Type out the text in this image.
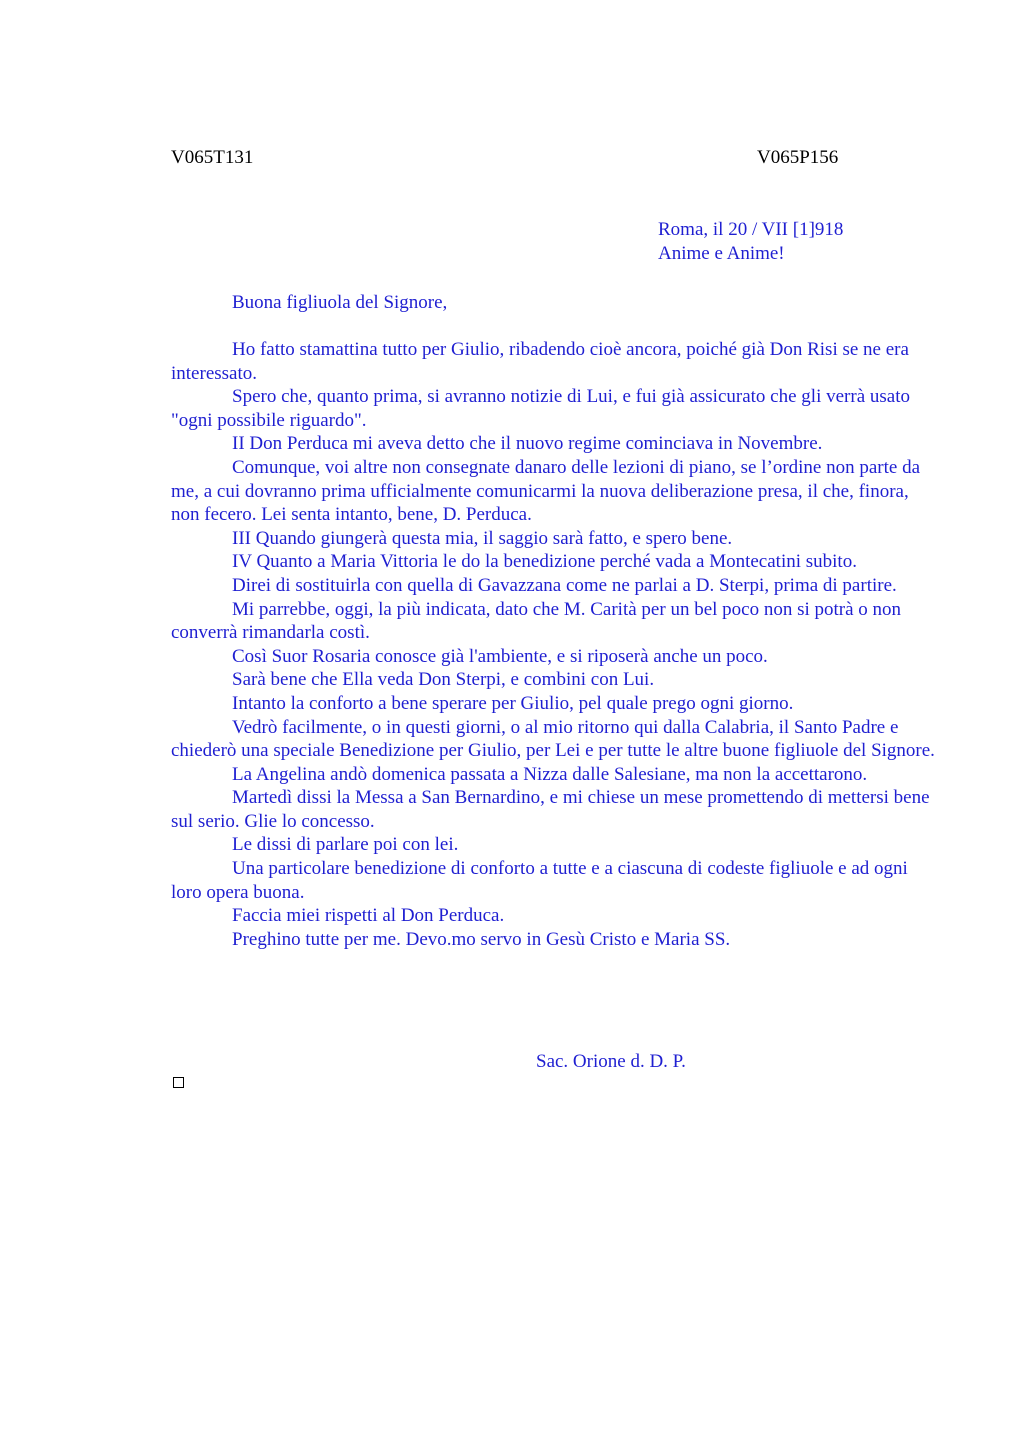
V065T131	V065P156

Roma, il 20 / VII [1]918
Anime e Anime!

Buona figliuola del Signore,

Ho fatto stamattina tutto per Giulio, ribadendo cioè ancora, poiché già Don Risi se ne era interessato.

Spero che, quanto prima, si avranno notizie di Lui, e fui già assicurato che gli verrà usato "ogni possibile riguardo".

II Don Perduca mi aveva detto che il nuovo regime cominciava in Novembre.

Comunque, voi altre non consegnate danaro delle lezioni di piano, se l’ordine non parte da me, a cui dovranno prima ufficialmente comunicarmi la nuova deliberazione presa, il che, finora, non fecero. Lei senta intanto, bene, D. Perduca.

III Quando giungerà questa mia, il saggio sarà fatto, e spero bene.

IV Quanto a Maria Vittoria le do la benedizione perché vada a Montecatini subito.

Direi di sostituirla con quella di Gavazzana come ne parlai a D. Sterpi, prima di partire.

Mi parrebbe, oggi, la più indicata, dato che M. Carità per un bel poco non si potrà o non converrà rimandarla costì.

Così Suor Rosaria conosce già l'ambiente, e si riposerà anche un poco.

Sarà bene che Ella veda Don Sterpi, e combini con Lui.

Intanto la conforto a bene sperare per Giulio, pel quale prego ogni giorno.

Vedrò facilmente, o in questi giorni, o al mio ritorno qui dalla Calabria, il Santo Padre e chiederò una speciale Benedizione per Giulio, per Lei e per tutte le altre buone figliuole del Signore.

La Angelina andò domenica passata a Nizza dalle Salesiane, ma non la accettarono.

Martedì dissi la Messa a San Bernardino, e mi chiese un mese promettendo di mettersi bene sul serio. Glie lo concesso.

Le dissi di parlare poi con lei.

Una particolare benedizione di conforto a tutte e a ciascuna di codeste figliuole e ad ogni loro opera buona.

Faccia miei rispetti al Don Perduca.

Preghino tutte per me. Devo.mo servo in Gesù Cristo e Maria SS.

Sac. Orione d. D. P.
